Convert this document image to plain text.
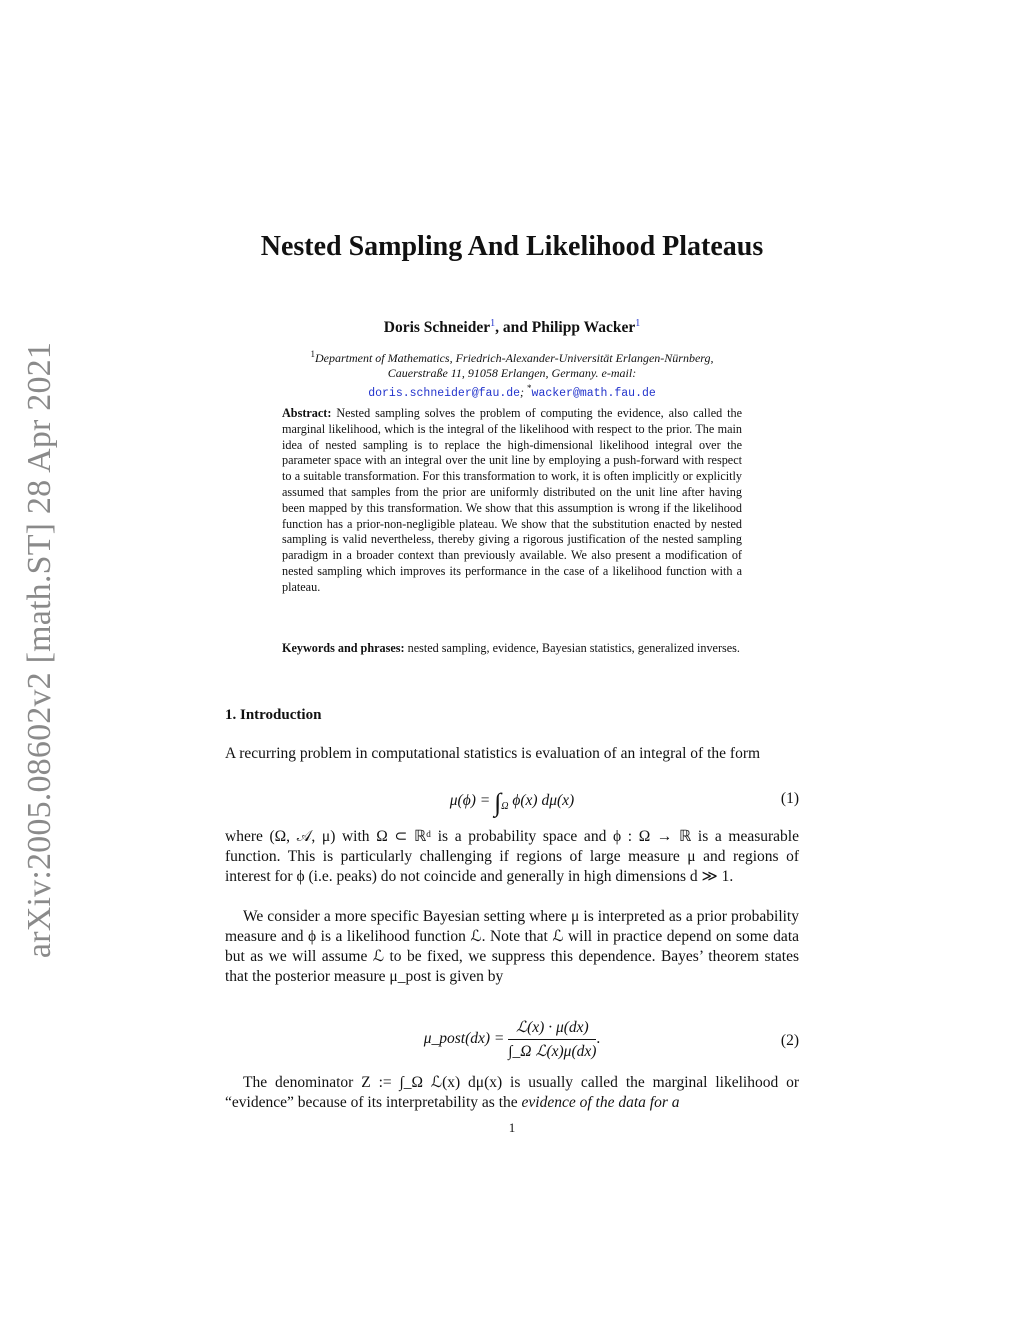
arXiv:2005.08602v2 [math.ST] 28 Apr 2021
Nested Sampling And Likelihood Plateaus
Doris Schneider$^1$, and Philipp Wacker$^1$
$^1$Department of Mathematics, Friedrich-Alexander-Universität Erlangen-Nürnberg,
Cauerstraße 11, 91058 Erlangen, Germany. e-mail:
doris.schneider@fau.de; *wacker@math.fau.de
Abstract: Nested sampling solves the problem of computing the evidence, also called the marginal likelihood, which is the integral of the likelihood with respect to the prior. The main idea of nested sampling is to replace the high-dimensional likelihood integral over the parameter space with an integral over the unit line by employing a push-forward with respect to a suitable transformation. For this transformation to work, it is often implicitly or explicitly assumed that samples from the prior are uniformly distributed on the unit line after having been mapped by this transformation. We show that this assumption is wrong if the likelihood function has a prior-non-negligible plateau. We show that the substitution enacted by nested sampling is valid nevertheless, thereby giving a rigorous justification of the nested sampling paradigm in a broader context than previously available. We also present a modification of nested sampling which improves its performance in the case of a likelihood function with a plateau.
Keywords and phrases: nested sampling, evidence, Bayesian statistics, generalized inverses.
1. Introduction
A recurring problem in computational statistics is evaluation of an integral of the form
$\mu(\phi) = \int_\Omega$ ϕ(x) dμ(x)	(1)
where (Ω, 𝒜, μ) with Ω ⊂ ℝᵈ is a probability space and ϕ : Ω → ℝ is a measurable function. This is particularly challenging if regions of large measure μ and regions of interest for ϕ (i.e. peaks) do not coincide and generally in high dimensions d ≫ 1.
We consider a more specific Bayesian setting where μ is interpreted as a prior probability measure and ϕ is a likelihood function ℒ. Note that ℒ will in practice depend on some data but as we will assume ℒ to be fixed, we suppress this dependence. Bayes’ theorem states that the posterior measure μ_post is given by
μ_post(dx) = $\frac{\text{ℒ(x) · μ(dx)}}{\text{∫\_Ω ℒ(x)μ(dx)}}$ .	(2)
The denominator Z := ∫_Ω ℒ(x) dμ(x) is usually called the marginal likelihood or “evidence” because of its interpretability as the evidence of the data for a
1
